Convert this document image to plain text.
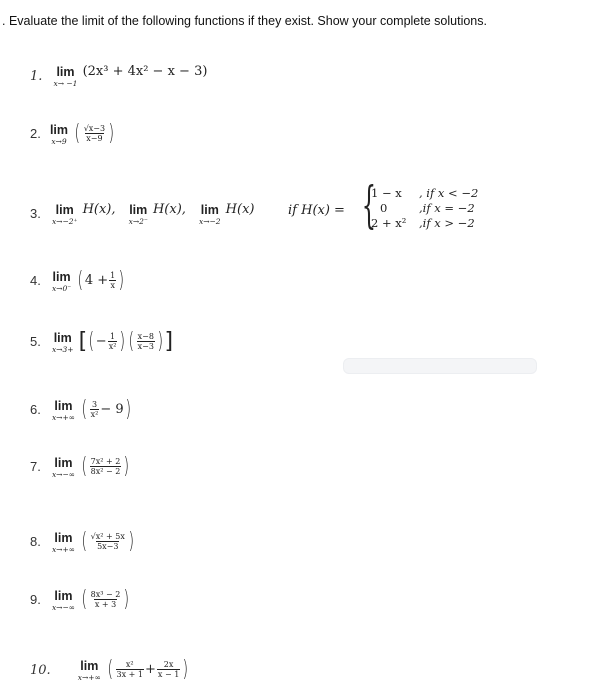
. Evaluate the limit of the following functions if they exist. Show your complete solutions.
1. lim
x→ −1
(2x³ + 4x² − x − 3)
2. lim
x→9 ( $\frac{√x-3}{x-9}$ )
3. lim
x→−2⁺
H(x), lim
x→2⁻
H(x), lim
x→−2
H(x)	if H(x) = {
1 − x
0
2 + x²
, if x < −2
,if x = −2
,if x > −2
4. lim
x→0⁻ ( $4 + \frac{1}{x}$ )
5. lim
x→3+ [( − $\frac{1}{\text{x²}}$ ) ( $\frac{x-8}{x-3}$ )]
6. lim
x→+∞ ( $\frac{3}{\text{x²}} - 9$)
7. lim
x→−∞ ( $\frac{\text{7x² + 2}}{\text{8x² − 2}}$ )
8. lim
x→+∞ ( $\frac{\text{√x² + 5x}}{5x-3}$ )
9. lim
x→−∞ ( $\frac{\text{8x³ − 2}}{x + 3}$ )
10. lim
x→+∞ ( $\frac{\text{x²}}{3x + 1} + \frac{2x}{x - 1}$ )
